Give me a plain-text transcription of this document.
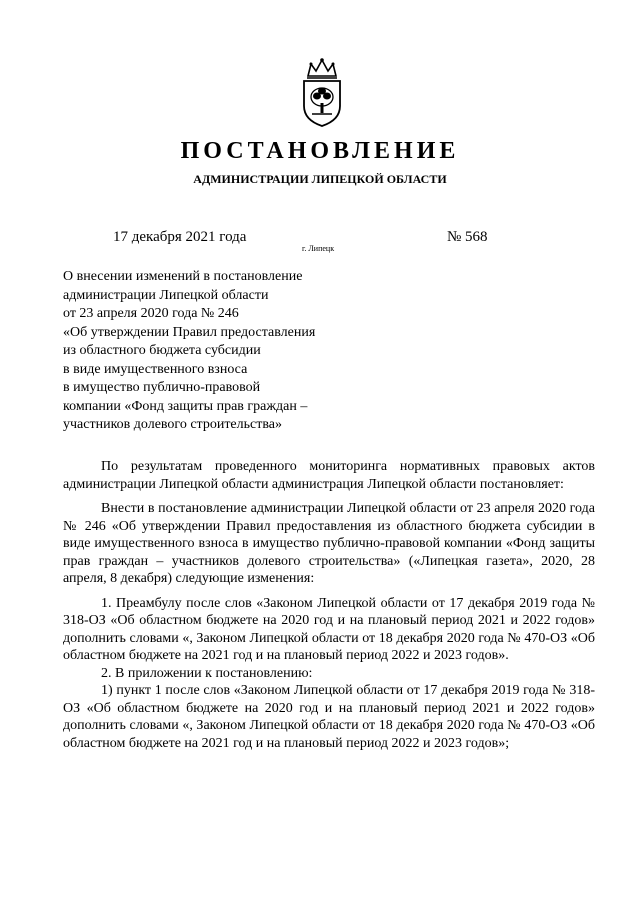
ПОСТАНОВЛЕНИЕ
АДМИНИСТРАЦИИ ЛИПЕЦКОЙ ОБЛАСТИ
17 декабря 2021 года
г. Липецк
№ 568
О внесении изменений в постановление
администрации Липецкой области
от 23 апреля 2020 года № 246
«Об утверждении Правил предоставления
из областного бюджета субсидии
в виде имущественного взноса
в имущество публично-правовой
компании «Фонд защиты прав граждан –
участников долевого строительства»

По результатам проведенного мониторинга нормативных правовых актов администрации Липецкой области администрация Липецкой области постановляет:

Внести в постановление администрации Липецкой области от 23 апреля 2020 года № 246 «Об утверждении Правил предоставления из областного бюджета субсидии в виде имущественного взноса в имущество публично-правовой компании «Фонд защиты прав граждан – участников долевого строительства» («Липецкая газета», 2020, 28 апреля, 8 декабря) следующие изменения:

1. Преамбулу после слов «Законом Липецкой области от 17 декабря 2019 года № 318-ОЗ «Об областном бюджете на 2020 год и на плановый период 2021 и 2022 годов» дополнить словами «, Законом Липецкой области от 18 декабря 2020 года № 470-ОЗ «Об областном бюджете на 2021 год и на плановый период 2022 и 2023 годов».

2. В приложении к постановлению:

1) пункт 1 после слов «Законом Липецкой области от 17 декабря 2019 года № 318-ОЗ «Об областном бюджете на 2020 год и на плановый период 2021 и 2022 годов» дополнить словами «, Законом Липецкой области от 18 декабря 2020 года № 470-ОЗ «Об областном бюджете на 2021 год и на плановый период 2022 и 2023 годов»;
